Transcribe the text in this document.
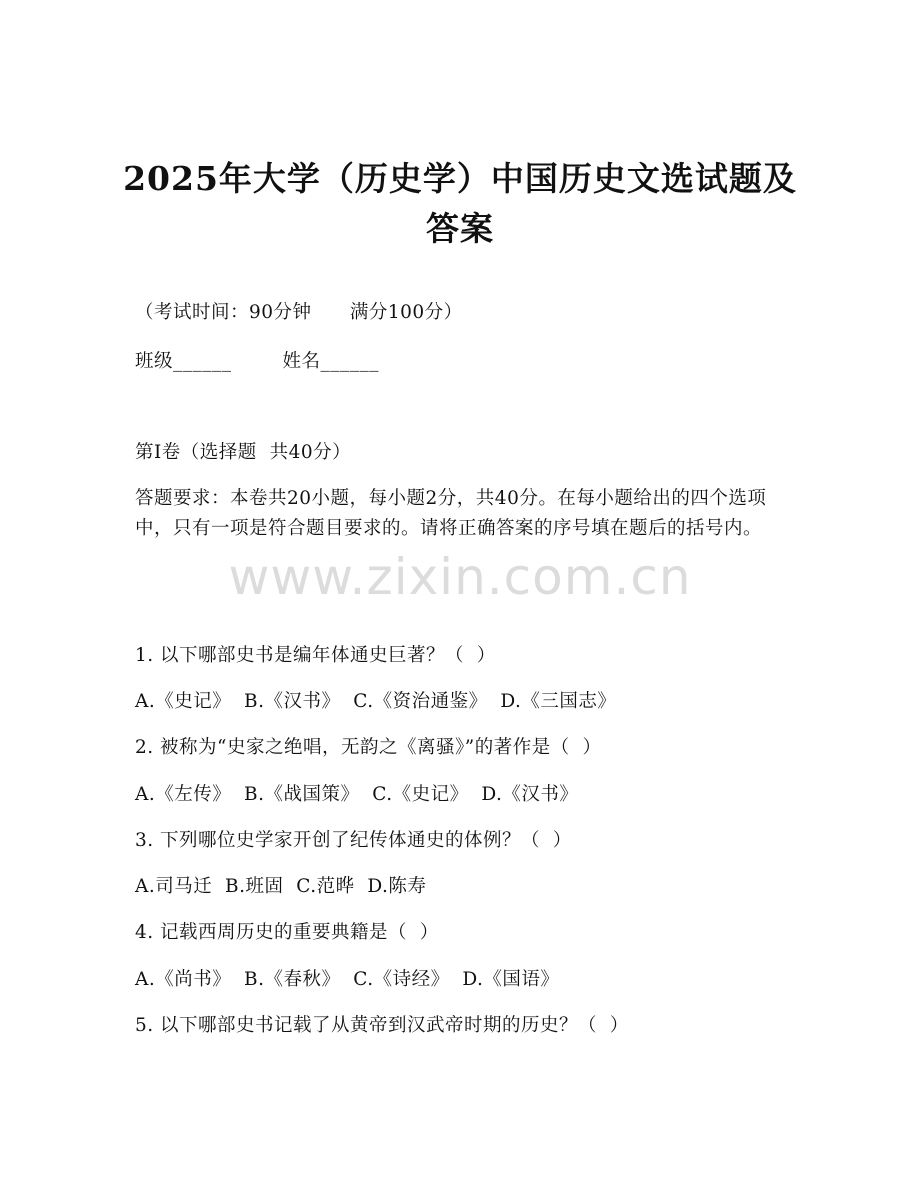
2025年大学（历史学）中国历史文选试题及
答案
（考试时间：90分钟      满分100分）
班级______        姓名______
第I卷（选择题  共40分）
答题要求：本卷共20小题，每小题2分，共40分。在每小题给出的四个选项中，只有一项是符合题目要求的。请将正确答案的序号填在题后的括号内。
www.zixin.com.cn
1. 以下哪部史书是编年体通史巨著？（  ）
A.《史记》  B.《汉书》  C.《资治通鉴》  D.《三国志》
2. 被称为“史家之绝唱，无韵之《离骚》”的著作是（  ）
A.《左传》  B.《战国策》  C.《史记》  D.《汉书》
3. 下列哪位史学家开创了纪传体通史的体例？（  ）
A.司马迁  B.班固  C.范晔  D.陈寿
4. 记载西周历史的重要典籍是（  ）
A.《尚书》  B.《春秋》  C.《诗经》  D.《国语》
5. 以下哪部史书记载了从黄帝到汉武帝时期的历史？（  ）
